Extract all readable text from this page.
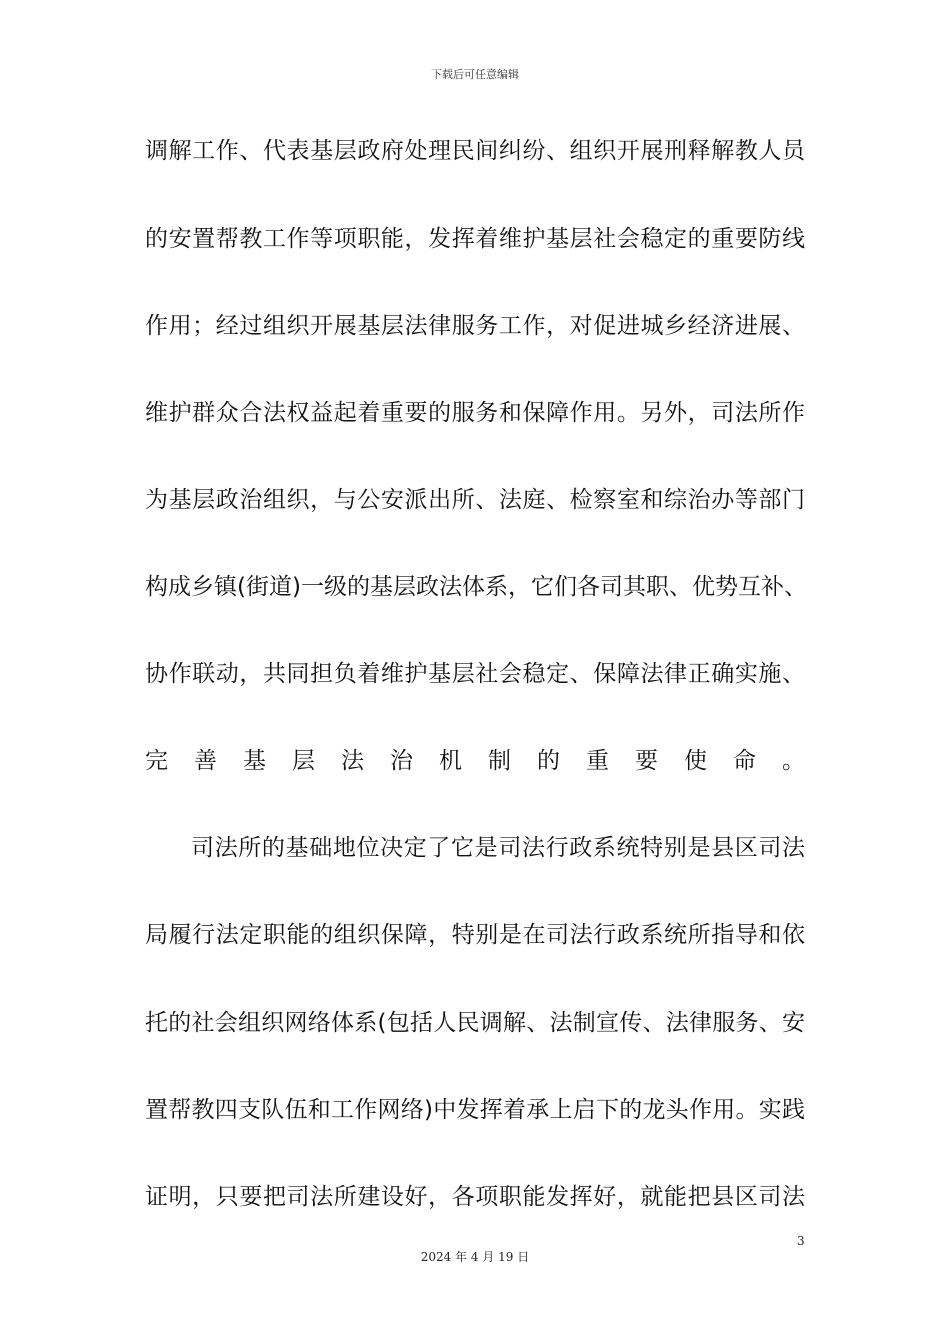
下载后可任意编辑
调解工作、代表基层政府处理民间纠纷、组织开展刑释解教人员
的安置帮教工作等项职能，发挥着维护基层社会稳定的重要防线
作用；经过组织开展基层法律服务工作，对促进城乡经济进展、
维护群众合法权益起着重要的服务和保障作用。另外，司法所作
为基层政治组织，与公安派出所、法庭、检察室和综治办等部门
构成乡镇(街道)一级的基层政法体系，它们各司其职、优势互补、
协作联动，共同担负着维护基层社会稳定、保障法律正确实施、
完 善 基 层 法 治 机 制 的 重 要 使 命 。
司法所的基础地位决定了它是司法行政系统特别是县区司法
局履行法定职能的组织保障，特别是在司法行政系统所指导和依
托的社会组织网络体系(包括人民调解、法制宣传、法律服务、安
置帮教四支队伍和工作网络)中发挥着承上启下的龙头作用。实践
证明，只要把司法所建设好，各项职能发挥好，就能把县区司法
3
2024 年 4 月 19 日
